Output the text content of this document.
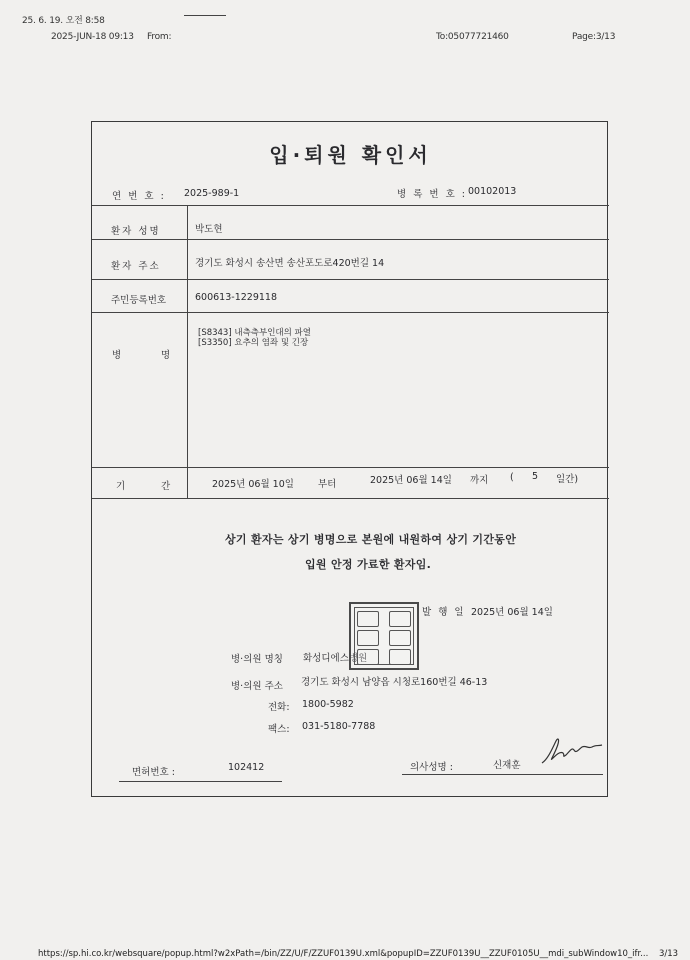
25. 6. 19. 오전 8:58
2025-JUN-18 09:13 From:	To:05077721460	Page:3/13
입·퇴원 확인서
연 번 호 : 2025-989-1	병 록 번 호 : 00102013
환자 성명	박도현
환자 주소	경기도 화성시 송산면 송산포도로420번길 14
주민등록번호	600613-1229118
병	명
[S8343] 내측측부인대의 파열
[S3350] 요추의 염좌 및 긴장
기	간	2025년 06월 10일	부터	2025년 06월 14일 까지 ( 5 일간)
상기 환자는 상기 병명으로 본원에 내원하여 상기 기간동안
입원 안정 가료한 환자임.
발 행 일 2025년 06월 14일
병·의원 명칭 화성디에스병원
병·의원 주소 경기도 화성시 남양읍 시청로160번길 46-13
전화: 1800-5982
팩스: 031-5180-7788
면허번호 :	102412	의사성명 :	신재훈
https://sp.hi.co.kr/websquare/popup.html?w2xPath=/bin/ZZ/U/F/ZZUF0139U.xml&popupID=ZZUF0139U__ZZUF0105U__mdi_subWindow10_ifr... 3/13
